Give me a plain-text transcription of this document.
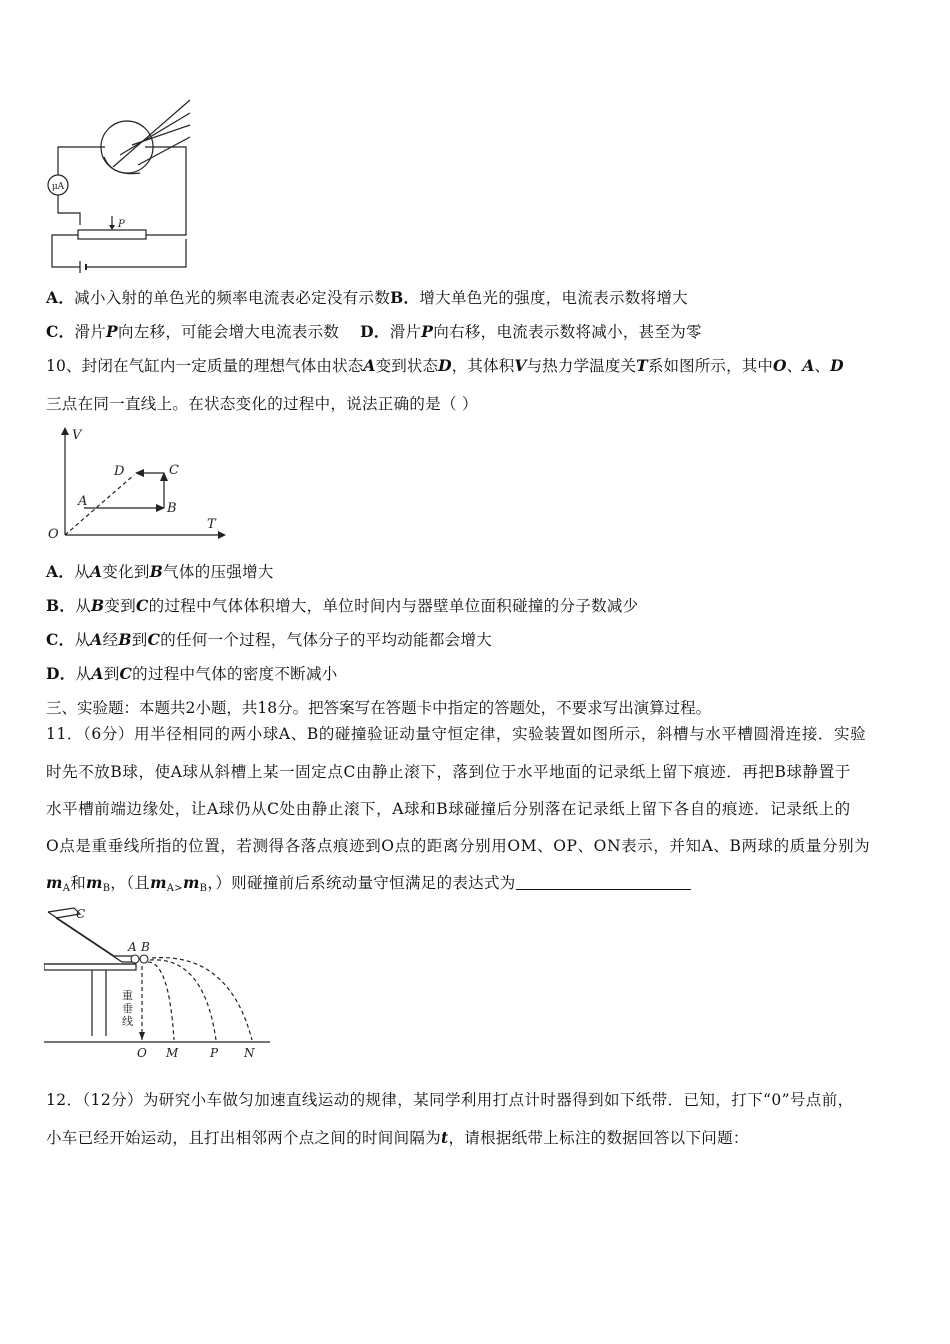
μA
P
A．减小入射的单色光的频率电流表必定没有示数B．增大单色光的强度，电流表示数将增大
C．滑片P向左移，可能会增大电流表示数 D．滑片P向右移，电流表示数将减小，甚至为零
10、封闭在气缸内一定质量的理想气体由状态A变到状态D，其体积V与热力学温度关T系如图所示，其中O、A、D
三点在同一直线上。在状态变化的过程中，说法正确的是（ ）
V
T
O
A	B
C
D
A．从A变化到B气体的压强增大
B．从B变到C的过程中气体体积增大，单位时间内与器壁单位面积碰撞的分子数减少
C．从A经B到C的任何一个过程，气体分子的平均动能都会增大
D．从A到C的过程中气体的密度不断减小
三、实验题：本题共2小题，共18分。把答案写在答题卡中指定的答题处，不要求写出演算过程。
11．（6分）用半径相同的两小球A、B的碰撞验证动量守恒定律，实验装置如图所示，斜槽与水平槽圆滑连接．实验
时先不放B球，使A球从斜槽上某一固定点C由静止滚下，落到位于水平地面的记录纸上留下痕迹．再把B球静置于
水平槽前端边缘处，让A球仍从C处由静止滚下，A球和B球碰撞后分别落在记录纸上留下各自的痕迹．记录纸上的
O点是重垂线所指的位置，若测得各落点痕迹到O点的距离分别用OM、OP、ON表示，并知A、B两球的质量分别为
$m_A$和$m_B$，（且$m_{A>}m_B$，）则碰撞前后系统动量守恒满足的表达式为
C
A B
重
垂
线
O M	P N
12．（12分）为研究小车做匀加速直线运动的规律，某同学利用打点计时器得到如下纸带．已知，打下“0”号点前，
小车已经开始运动，且打出相邻两个点之间的时间间隔为t，请根据纸带上标注的数据回答以下问题：
